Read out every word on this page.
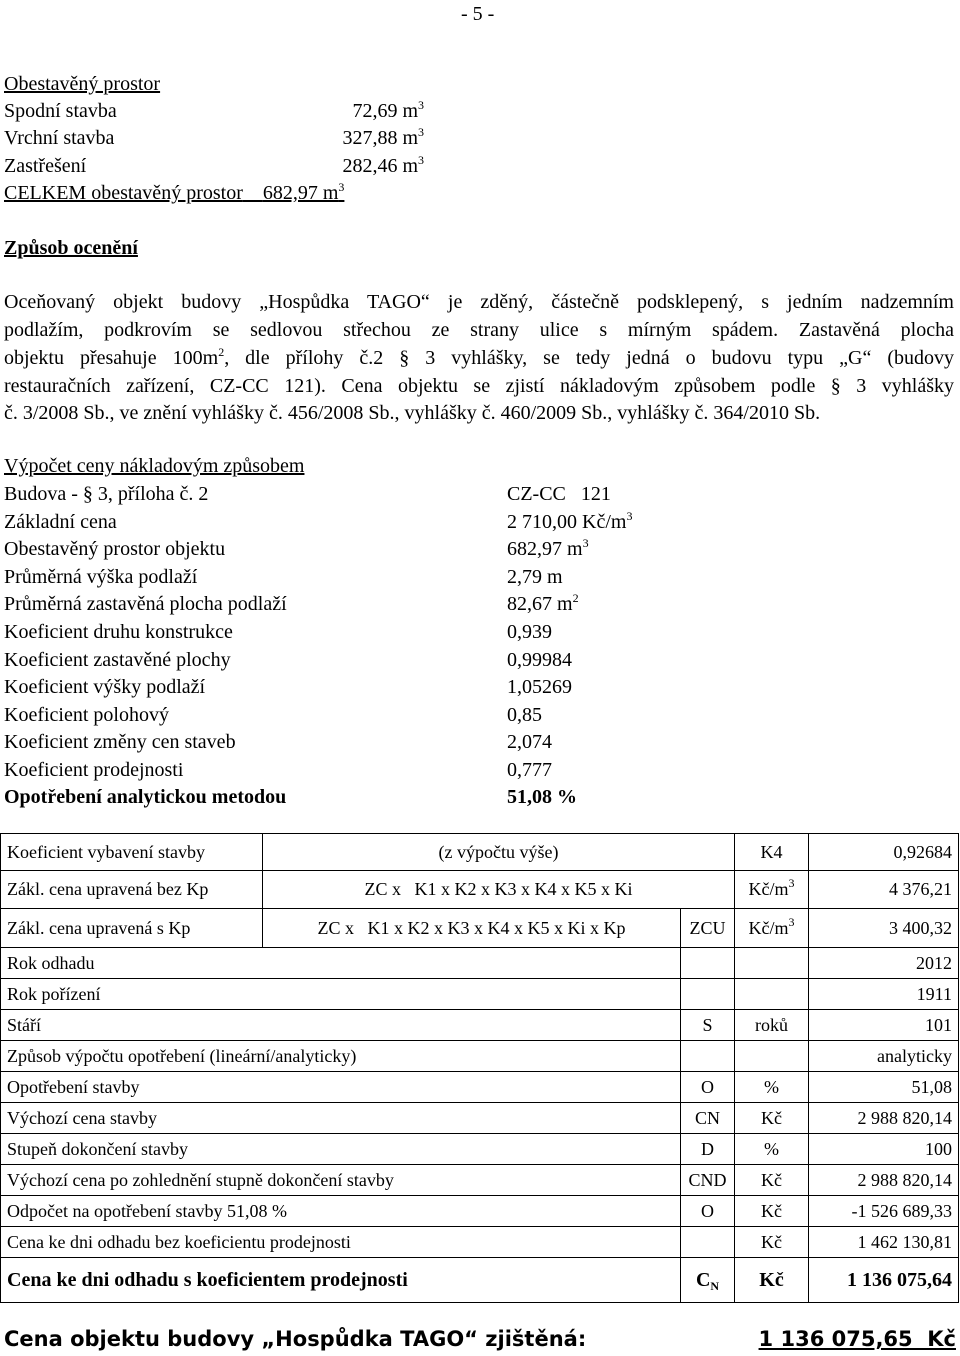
- 5 -
Obestavěný prostor
Spodní stavba	72,69 $m^3$
Vrchní stavba	327,88 $m^3$
Zastřešení	282,46 $m^3$
CELKEM obestavěný prostor 682,97 $m^3$
Způsob ocenění
Oceňovaný objekt budovy „Hospůdka TAGO“ je zděný, částečně podsklepený, s jedním nadzemním
podlažím, podkrovím se sedlovou střechou ze strany ulice s mírným spádem. Zastavěná plocha
objektu přesahuje $100m^2$, dle přílohy č.2 § 3 vyhlášky, se tedy jedná o budovu typu „G“ (budovy
restauračních zařízení, CZ-CC 121). Cena objektu se zjistí nákladovým způsobem podle § 3 vyhlášky
č. 3/2008 Sb., ve znění vyhlášky č. 456/2008 Sb., vyhlášky č. 460/2009 Sb., vyhlášky č. 364/2010 Sb.
Výpočet ceny nákladovým způsobem
Budova - § 3, příloha č. 2	CZ-CC   121
Základní cena	2 710,00 $Kč/m^3$
Obestavěný prostor objektu	682,97 $m^3$
Průměrná výška podlaží	2,79 m
Průměrná zastavěná plocha podlaží	82,67 $m^2$
Koeficient druhu konstrukce	0,939
Koeficient zastavěné plochy	0,99984
Koeficient výšky podlaží	1,05269
Koeficient polohový	0,85
Koeficient změny cen staveb	2,074
Koeficient prodejnosti	0,777
Opotřebení analytickou metodou	51,08 %
Koeficient vybavení stavby	(z výpočtu výše)		K4	0,92684
Zákl. cena upravená bez Kp	ZC x   K1 x K2 x K3 x K4 x K5 x Ki		$Kč/m^3$	4 376,21
Zákl. cena upravená s Kp	ZC x   K1 x K2 x K3 x K4 x K5 x Ki x Kp	ZCU	$Kč/m^3$	3 400,32
Rok odhadu				2012
Rok pořízení				1911
Stáří		S	roků	101
Způsob výpočtu opotřebení (lineární/analyticky)				analyticky
Opotřebení stavby		O	%	51,08
Výchozí cena stavby		CN	Kč	2 988 820,14
Stupeň dokončení stavby		D	%	100
Výchozí cena po zohlednění stupně dokončení stavby		CND	Kč	2 988 820,14
Odpočet na opotřebení stavby 51,08 %		O	Kč	-1 526 689,33
Cena ke dni odhadu bez koeficientu prodejnosti			Kč	1 462 130,81
Cena ke dni odhadu s koeficientem prodejnosti		$C_N$	Kč	1 136 075,64
Cena objektu budovy „Hospůdka TAGO“ zjištěná:	1 136 075,65  Kč
